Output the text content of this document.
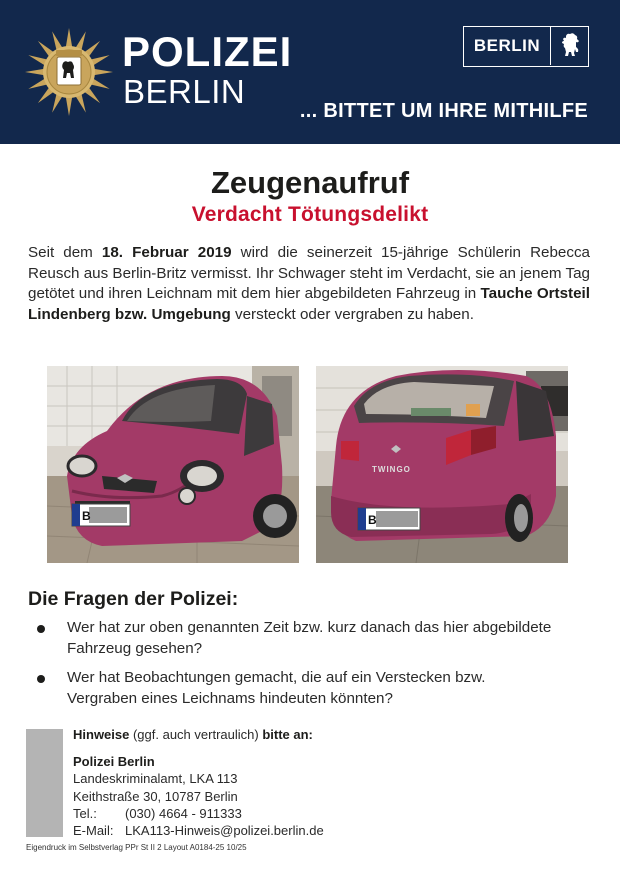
POLIZEI
BERLIN
BERLIN
... BITTET UM IHRE MITHILFE
Zeugenaufruf
Verdacht Tötungsdelikt
Seit dem 18. Februar 2019 wird die seinerzeit 15-jährige Schülerin Rebecca Reusch aus Berlin-Britz vermisst. Ihr Schwager steht im Verdacht, sie an jenem Tag getötet und ihren Leichnam mit dem hier abgebildeten Fahrzeug in Tauche Ortsteil Lindenberg bzw. Umgebung versteckt oder vergraben zu haben.
B
TWINGO
B
Die Fragen der Polizei:
Wer hat zur oben genannten Zeit bzw. kurz danach das hier abgebildete Fahrzeug gesehen?
Wer hat Beobachtungen gemacht, die auf ein Verstecken bzw. Vergraben eines Leichnams hindeuten könnten?
Hinweise (ggf. auch vertraulich) bitte an:
Polizei Berlin
Landeskriminalamt, LKA 113
Keithstraße 30, 10787 Berlin
Tel.: (030) 4664 - 911333
E-Mail: LKA113-Hinweis@polizei.berlin.de
Eigendruck im Selbstverlag PPr St II 2 Layout A0184-25 10/25
